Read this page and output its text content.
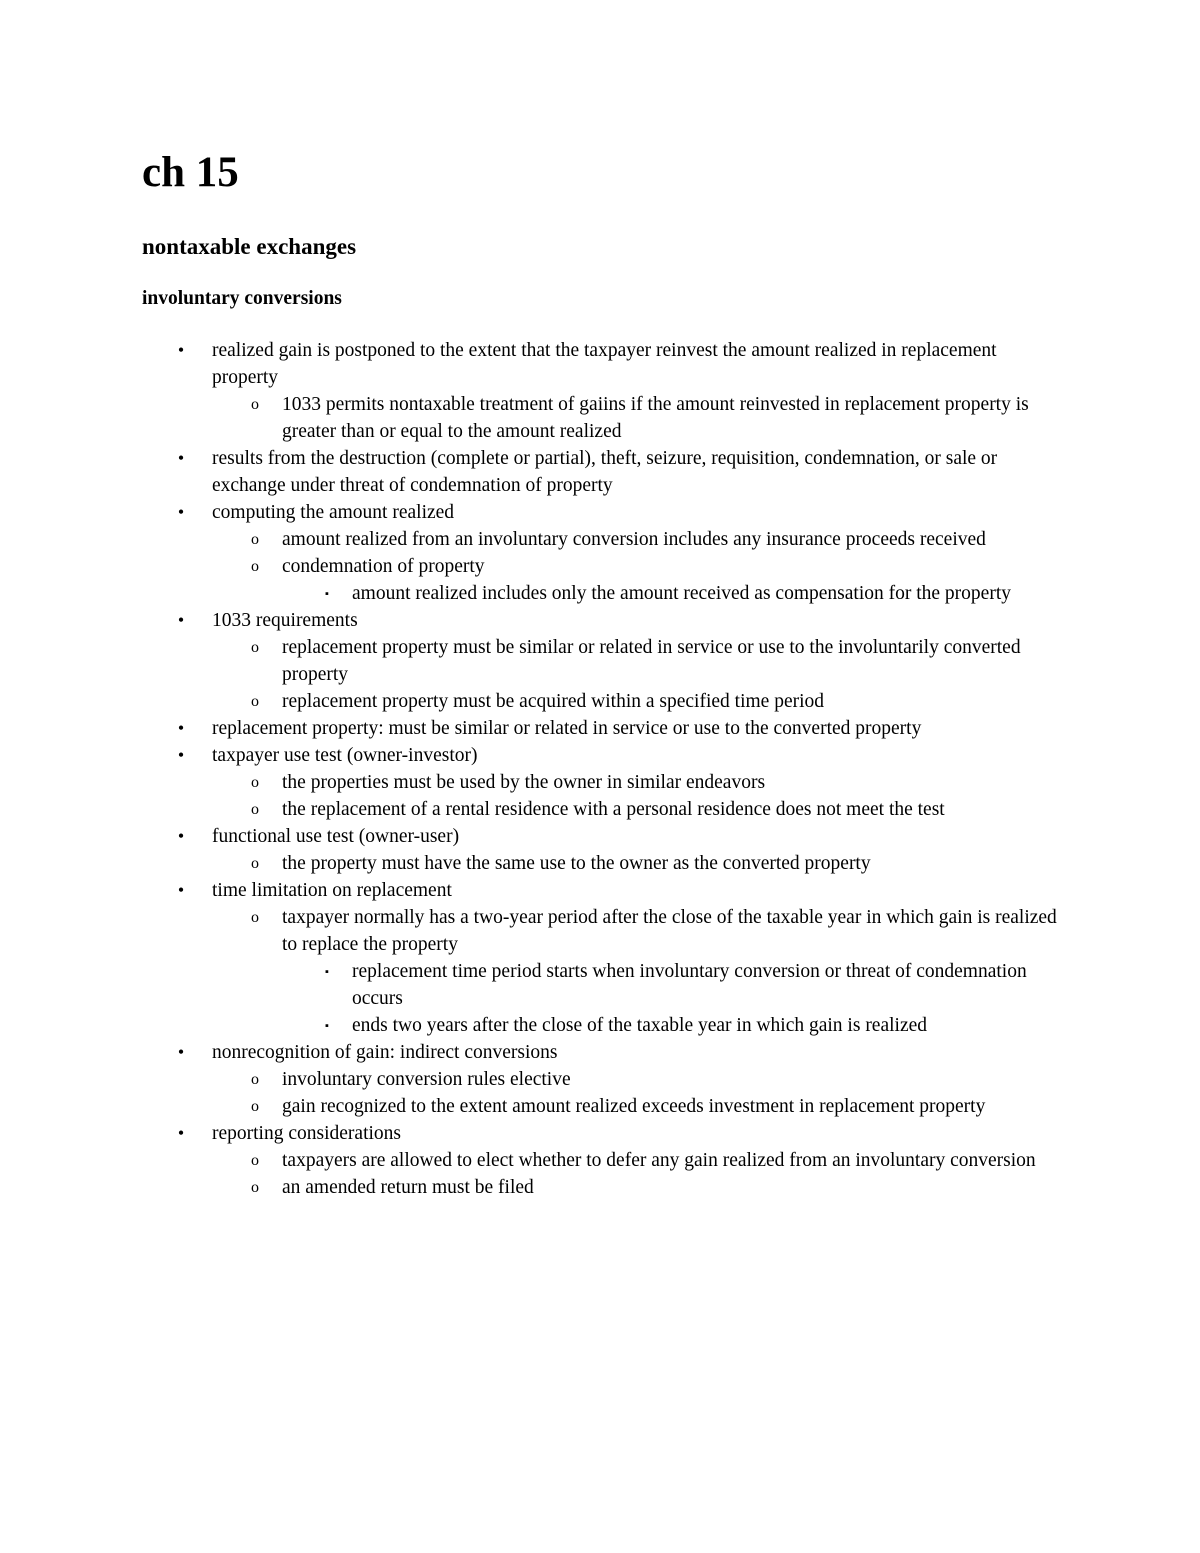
ch 15
nontaxable exchanges
involuntary conversions
• realized gain is postponed to the extent that the taxpayer reinvest the amount realized in replacement property
o 1033 permits nontaxable treatment of gaiins if the amount reinvested in replacement property is greater than or equal to the amount realized
• results from the destruction (complete or partial), theft, seizure, requisition, condemnation, or sale or exchange under threat of condemnation of property
• computing the amount realized
o amount realized from an involuntary conversion includes any insurance proceeds received
o condemnation of property
▪ amount realized includes only the amount received as compensation for the property
• 1033 requirements
o replacement property must be similar or related in service or use to the involuntarily converted property
o replacement property must be acquired within a specified time period
• replacement property: must be similar or related in service or use to the converted property
• taxpayer use test (owner-investor)
o the properties must be used by the owner in similar endeavors
o the replacement of a rental residence with a personal residence does not meet the test
• functional use test (owner-user)
o the property must have the same use to the owner as the converted property
• time limitation on replacement
o taxpayer normally has a two-year period after the close of the taxable year in which gain is realized to replace the property
▪ replacement time period starts when involuntary conversion or threat of condemnation occurs
▪ ends two years after the close of the taxable year in which gain is realized
• nonrecognition of gain: indirect conversions
o involuntary conversion rules elective
o gain recognized to the extent amount realized exceeds investment in replacement property
• reporting considerations
o taxpayers are allowed to elect whether to defer any gain realized from an involuntary conversion
o an amended return must be filed
